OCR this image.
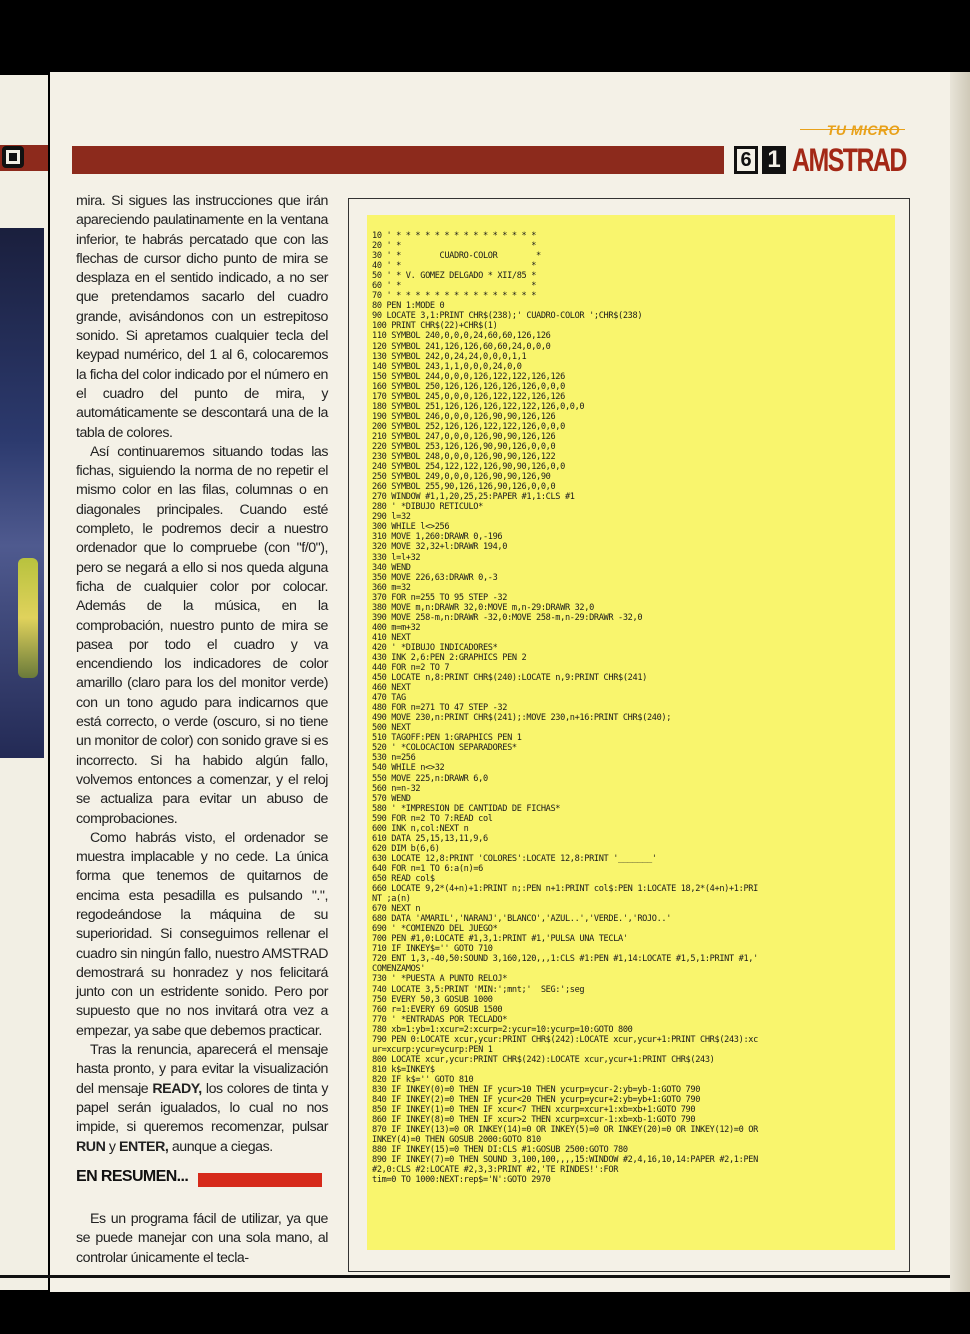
TU MICRO
6 1 AMSTRAD

mira. Si sigues las instrucciones que irán apareciendo paulatinamente en la ventana inferior, te habrás percatado que con las flechas de cursor dicho punto de mira se desplaza en el sentido indicado, a no ser que pretendamos sacarlo del cuadro grande, avisándonos con un estrepitoso sonido. Si apretamos cualquier tecla del keypad numérico, del 1 al 6, colocaremos la ficha del color indicado por el número en el cuadro del punto de mira, y automáticamente se descontará una de la tabla de colores.

Así continuaremos situando todas las fichas, siguiendo la norma de no repetir el mismo color en las filas, columnas o en diagonales principales. Cuando esté completo, le podremos decir a nuestro ordenador que lo compruebe (con "f/0"), pero se negará a ello si nos queda alguna ficha de cualquier color por colocar. Además de la música, en la comprobación, nuestro punto de mira se pasea por todo el cuadro y va encendiendo los indicadores de color amarillo (claro para los del monitor verde) con un tono agudo para indicarnos que está correcto, o verde (oscuro, si no tiene un monitor de color) con sonido grave si es incorrecto. Si ha habido algún fallo, volvemos entonces a comenzar, y el reloj se actualiza para evitar un abuso de comprobaciones.

Como habrás visto, el ordenador se muestra implacable y no cede. La única forma que tenemos de quitarnos de encima esta pesadilla es pulsando ".", regodeándose la máquina de su superioridad. Si conseguimos rellenar el cuadro sin ningún fallo, nuestro AMSTRAD demostrará su honradez y nos felicitará junto con un estridente sonido. Pero por supuesto que no nos invitará otra vez a empezar, ya sabe que debemos practicar.

Tras la renuncia, aparecerá el mensaje hasta pronto, y para evitar la visualización del mensaje READY, los colores de tinta y papel serán igualados, lo cual no nos impide, si queremos recomenzar, pulsar RUN y ENTER, aunque a ciegas.

EN RESUMEN...

Es un programa fácil de utilizar, ya que se puede manejar con una sola mano, al controlar únicamente el tecla-

10 ' * * * * * * * * * * * * * * *
20 ' *                           *
30 ' *        CUADRO-COLOR        *
40 ' *                           *
50 ' * V. GOMEZ DELGADO * XII/85 *
60 ' *                           *
70 ' * * * * * * * * * * * * * * *
80 PEN 1:MODE 0
90 LOCATE 3,1:PRINT CHR$(238);' CUADRO-COLOR ';CHR$(238)
100 PRINT CHR$(22)+CHR$(1)
110 SYMBOL 240,0,0,0,24,60,60,126,126
120 SYMBOL 241,126,126,60,60,24,0,0,0
130 SYMBOL 242,0,24,24,0,0,0,1,1
140 SYMBOL 243,1,1,0,0,0,24,0,0
150 SYMBOL 244,0,0,0,126,122,122,126,126
160 SYMBOL 250,126,126,126,126,126,0,0,0
170 SYMBOL 245,0,0,0,126,122,122,126,126
180 SYMBOL 251,126,126,126,122,122,126,0,0,0
190 SYMBOL 246,0,0,0,126,90,90,126,126
200 SYMBOL 252,126,126,122,122,126,0,0,0
210 SYMBOL 247,0,0,0,126,90,90,126,126
220 SYMBOL 253,126,126,90,90,126,0,0,0
230 SYMBOL 248,0,0,0,126,90,90,126,122
240 SYMBOL 254,122,122,126,90,90,126,0,0
250 SYMBOL 249,0,0,0,126,90,90,126,90
260 SYMBOL 255,90,126,126,90,126,0,0,0
270 WINDOW #1,1,20,25,25:PAPER #1,1:CLS #1
280 ' *DIBUJO RETICULO*
290 l=32
300 WHILE l<>256
310 MOVE 1,260:DRAWR 0,-196
320 MOVE 32,32+l:DRAWR 194,0
330 l=l+32
340 WEND
350 MOVE 226,63:DRAWR 0,-3
360 m=32
370 FOR n=255 TO 95 STEP -32
380 MOVE m,n:DRAWR 32,0:MOVE m,n-29:DRAWR 32,0
390 MOVE 258-m,n:DRAWR -32,0:MOVE 258-m,n-29:DRAWR -32,0
400 m=m+32
410 NEXT
420 ' *DIBUJO INDICADORES*
430 INK 2,6:PEN 2:GRAPHICS PEN 2
440 FOR n=2 TO 7
450 LOCATE n,8:PRINT CHR$(240):LOCATE n,9:PRINT CHR$(241)
460 NEXT
470 TAG
480 FOR n=271 TO 47 STEP -32
490 MOVE 230,n:PRINT CHR$(241);:MOVE 230,n+16:PRINT CHR$(240);
500 NEXT
510 TAGOFF:PEN 1:GRAPHICS PEN 1
520 ' *COLOCACION SEPARADORES*
530 n=256
540 WHILE n<>32
550 MOVE 225,n:DRAWR 6,0
560 n=n-32
570 WEND
580 ' *IMPRESION DE CANTIDAD DE FICHAS*
590 FOR n=2 TO 7:READ col
600 INK n,col:NEXT n
610 DATA 25,15,13,11,9,6
620 DIM b(6,6)
630 LOCATE 12,8:PRINT 'COLORES':LOCATE 12,8:PRINT '_______'
640 FOR n=1 TO 6:a(n)=6
650 READ col$
660 LOCATE 9,2*(4+n)+1:PRINT n;:PEN n+1:PRINT col$:PEN 1:LOCATE 18,2*(4+n)+1:PRI
NT ;a(n)
670 NEXT n
680 DATA 'AMARIL','NARANJ','BLANCO','AZUL..','VERDE.','ROJO..'
690 ' *COMIENZO DEL JUEGO*
700 PEN #1,0:LOCATE #1,3,1:PRINT #1,'PULSA UNA TECLA'
710 IF INKEY$='' GOTO 710
720 ENT 1,3,-40,50:SOUND 3,160,120,,,1:CLS #1:PEN #1,14:LOCATE #1,5,1:PRINT #1,'
COMENZAMOS'
730 ' *PUESTA A PUNTO RELOJ*
740 LOCATE 3,5:PRINT 'MIN:';mnt;'  SEG:';seg
750 EVERY 50,3 GOSUB 1000
760 r=1:EVERY 69 GOSUB 1500
770 ' *ENTRADAS POR TECLADO*
780 xb=1:yb=1:xcur=2:xcurp=2:ycur=10:ycurp=10:GOTO 800
790 PEN 0:LOCATE xcur,ycur:PRINT CHR$(242):LOCATE xcur,ycur+1:PRINT CHR$(243):xc
ur=xcurp:ycur=ycurp:PEN 1
800 LOCATE xcur,ycur:PRINT CHR$(242):LOCATE xcur,ycur+1:PRINT CHR$(243)
810 k$=INKEY$
820 IF k$='' GOTO 810
830 IF INKEY(0)=0 THEN IF ycur>10 THEN ycurp=ycur-2:yb=yb-1:GOTO 790
840 IF INKEY(2)=0 THEN IF ycur<20 THEN ycurp=ycur+2:yb=yb+1:GOTO 790
850 IF INKEY(1)=0 THEN IF xcur<7 THEN xcurp=xcur+1:xb=xb+1:GOTO 790
860 IF INKEY(8)=0 THEN IF xcur>2 THEN xcurp=xcur-1:xb=xb-1:GOTO 790
870 IF INKEY(13)=0 OR INKEY(14)=0 OR INKEY(5)=0 OR INKEY(20)=0 OR INKEY(12)=0 OR
INKEY(4)=0 THEN GOSUB 2000:GOTO 810
880 IF INKEY(15)=0 THEN DI:CLS #1:GOSUB 2500:GOTO 780
890 IF INKEY(7)=0 THEN SOUND 3,100,100,,,,15:WINDOW #2,4,16,10,14:PAPER #2,1:PEN
#2,0:CLS #2:LOCATE #2,3,3:PRINT #2,'TE RINDES!':FOR
tim=0 TO 1000:NEXT:rep$='N':GOTO 2970
